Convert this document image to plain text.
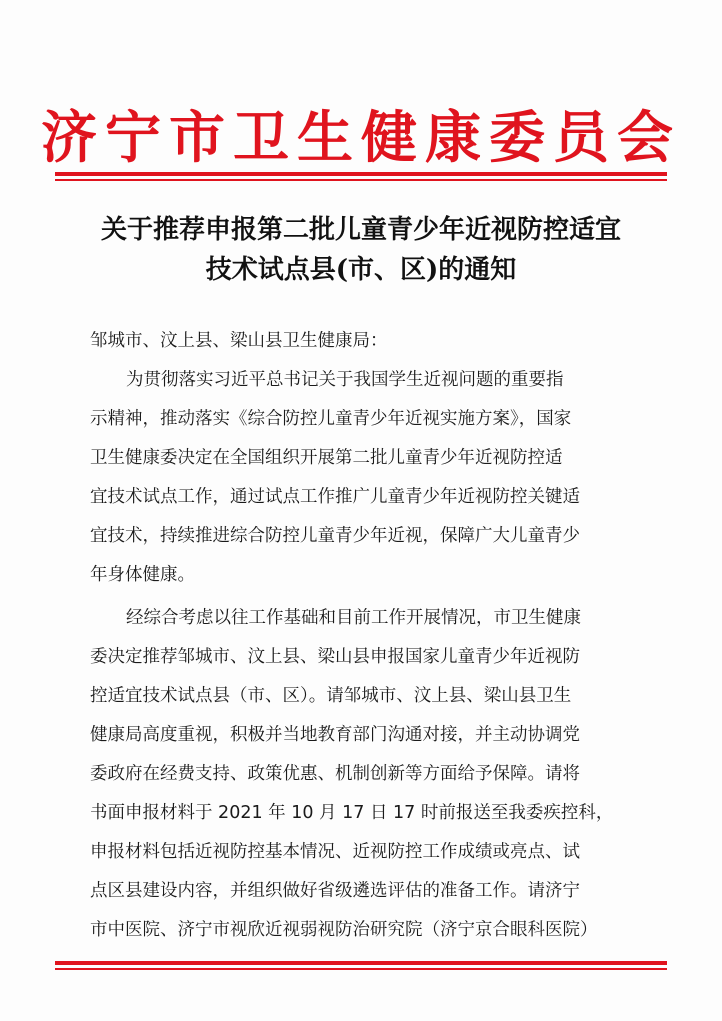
济宁市卫生健康委员会
关于推荐申报第二批儿童青少年近视防控适宜
技术试点县(市、区)的通知
邹城市、汶上县、梁山县卫生健康局：
为贯彻落实习近平总书记关于我国学生近视问题的重要指
示精神，推动落实《综合防控儿童青少年近视实施方案》，国家
卫生健康委决定在全国组织开展第二批儿童青少年近视防控适
宜技术试点工作，通过试点工作推广儿童青少年近视防控关键适
宜技术，持续推进综合防控儿童青少年近视，保障广大儿童青少
年身体健康。
经综合考虑以往工作基础和目前工作开展情况，市卫生健康
委决定推荐邹城市、汶上县、梁山县申报国家儿童青少年近视防
控适宜技术试点县（市、区）。请邹城市、汶上县、梁山县卫生
健康局高度重视，积极并当地教育部门沟通对接，并主动协调党
委政府在经费支持、政策优惠、机制创新等方面给予保障。请将
书面申报材料于 2021 年 10 月 17 日 17 时前报送至我委疾控科，
申报材料包括近视防控基本情况、近视防控工作成绩或亮点、试
点区县建设内容，并组织做好省级遴选评估的准备工作。请济宁
市中医院、济宁市视欣近视弱视防治研究院（济宁京合眼科医院）
